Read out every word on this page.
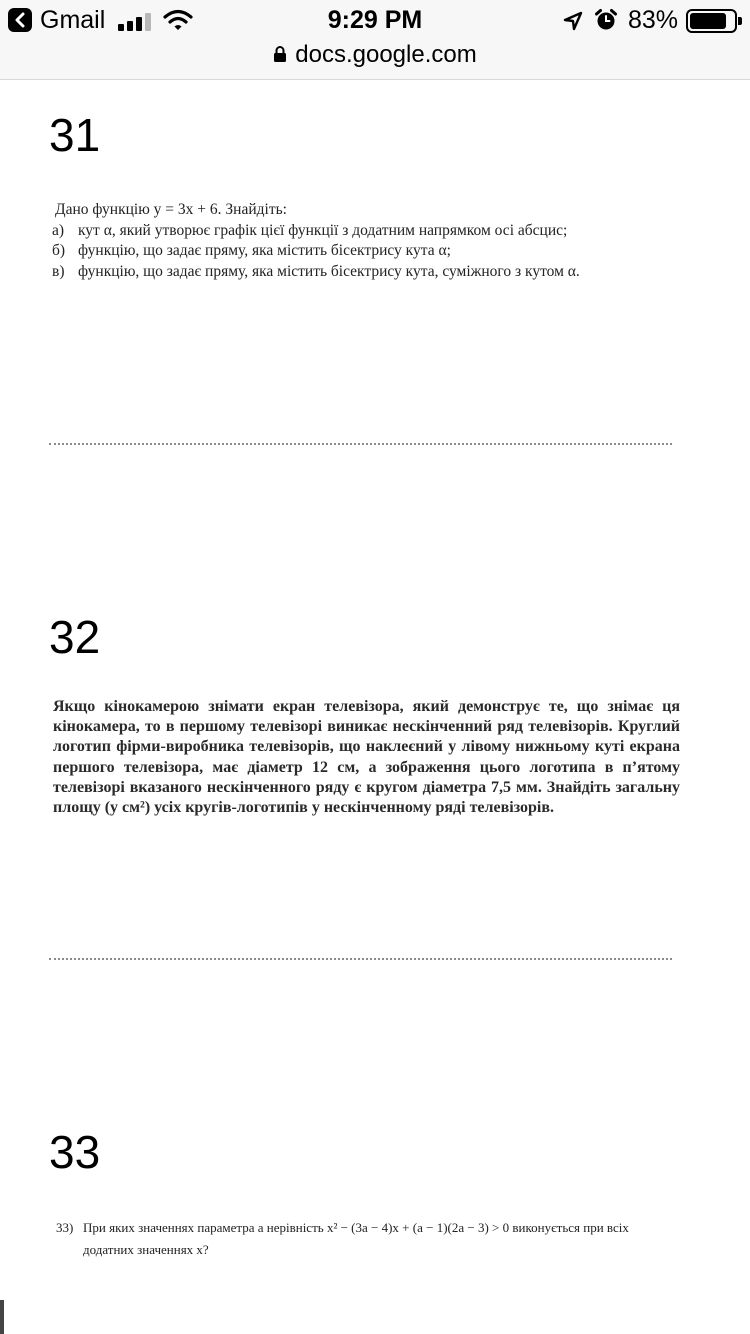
Gmail	9:29 PM	83%
docs.google.com
31
Дано функцію y = 3x + 6. Знайдіть:
а) кут α, який утворює графік цієї функції з додатним напрямком осі абсцис;
б) функцію, що задає пряму, яка містить бісектрису кута α;
в) функцію, що задає пряму, яка містить бісектрису кута, суміжного з кутом α.
32
Якщо кінокамерою знімати екран телевізора, який демонструє те, що знімає ця кінокамера, то в першому телевізорі виникає нескінченний ряд телевізорів. Круглий логотип фірми-виробника телевізорів, що наклеєний у лівому нижньому куті екрана першого телевізора, має діаметр 12 см, а зображення цього логотипа в п’ятому телевізорі вказаного нескінченного ряду є кругом діаметра 7,5 мм. Знайдіть загальну площу (у см²) усіх кругів-логотипів у нескінченному ряді телевізорів.
33
33) При яких значеннях параметра a нерівність x² − (3a − 4)x + (a − 1)(2a − 3) > 0 виконується при всіх
додатних значеннях x?
